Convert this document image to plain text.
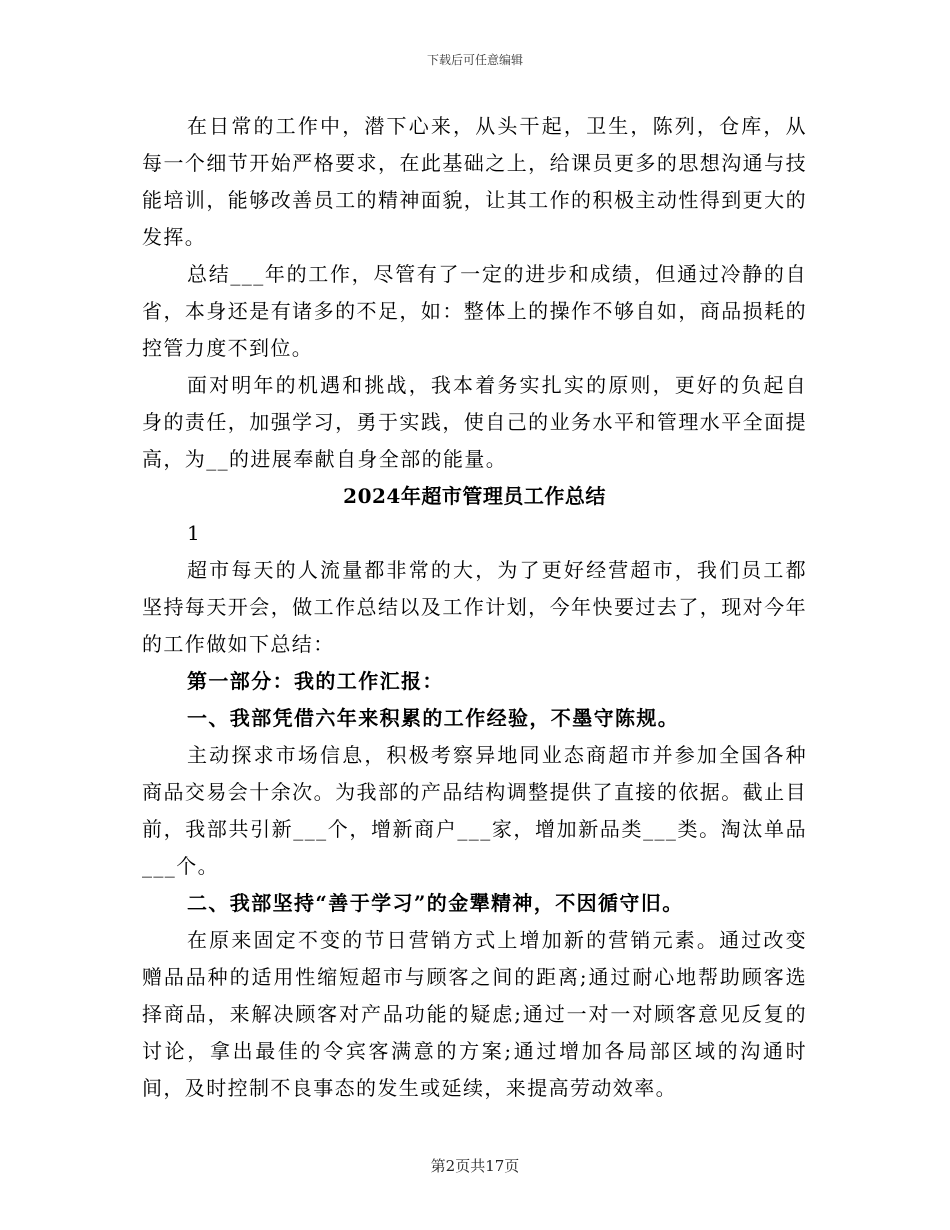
下载后可任意编辑

在日常的工作中，潜下心来，从头干起，卫生，陈列，仓库，从每一个细节开始严格要求，在此基础之上，给课员更多的思想沟通与技能培训，能够改善员工的精神面貌，让其工作的积极主动性得到更大的发挥。

总结___年的工作，尽管有了一定的进步和成绩，但通过冷静的自省，本身还是有诸多的不足，如：整体上的操作不够自如，商品损耗的控管力度不到位。

面对明年的机遇和挑战，我本着务实扎实的原则，更好的负起自身的责任，加强学习，勇于实践，使自己的业务水平和管理水平全面提高，为__的进展奉献自身全部的能量。

2024年超市管理员工作总结

1

超市每天的人流量都非常的大，为了更好经营超市，我们员工都坚持每天开会，做工作总结以及工作计划，今年快要过去了，现对今年的工作做如下总结：

第一部分：我的工作汇报：

一、我部凭借六年来积累的工作经验，不墨守陈规。

主动探求市场信息，积极考察异地同业态商超市并参加全国各种商品交易会十余次。为我部的产品结构调整提供了直接的依据。截止目前，我部共引新___个，增新商户___家，增加新品类___类。淘汰单品___个。

二、我部坚持“善于学习”的金犟精神，不因循守旧。

在原来固定不变的节日营销方式上增加新的营销元素。通过改变赠品品种的适用性缩短超市与顾客之间的距离;通过耐心地帮助顾客选择商品，来解决顾客对产品功能的疑虑;通过一对一对顾客意见反复的讨论，拿出最佳的令宾客满意的方案;通过增加各局部区域的沟通时间，及时控制不良事态的发生或延续，来提高劳动效率。

第2页共17页
